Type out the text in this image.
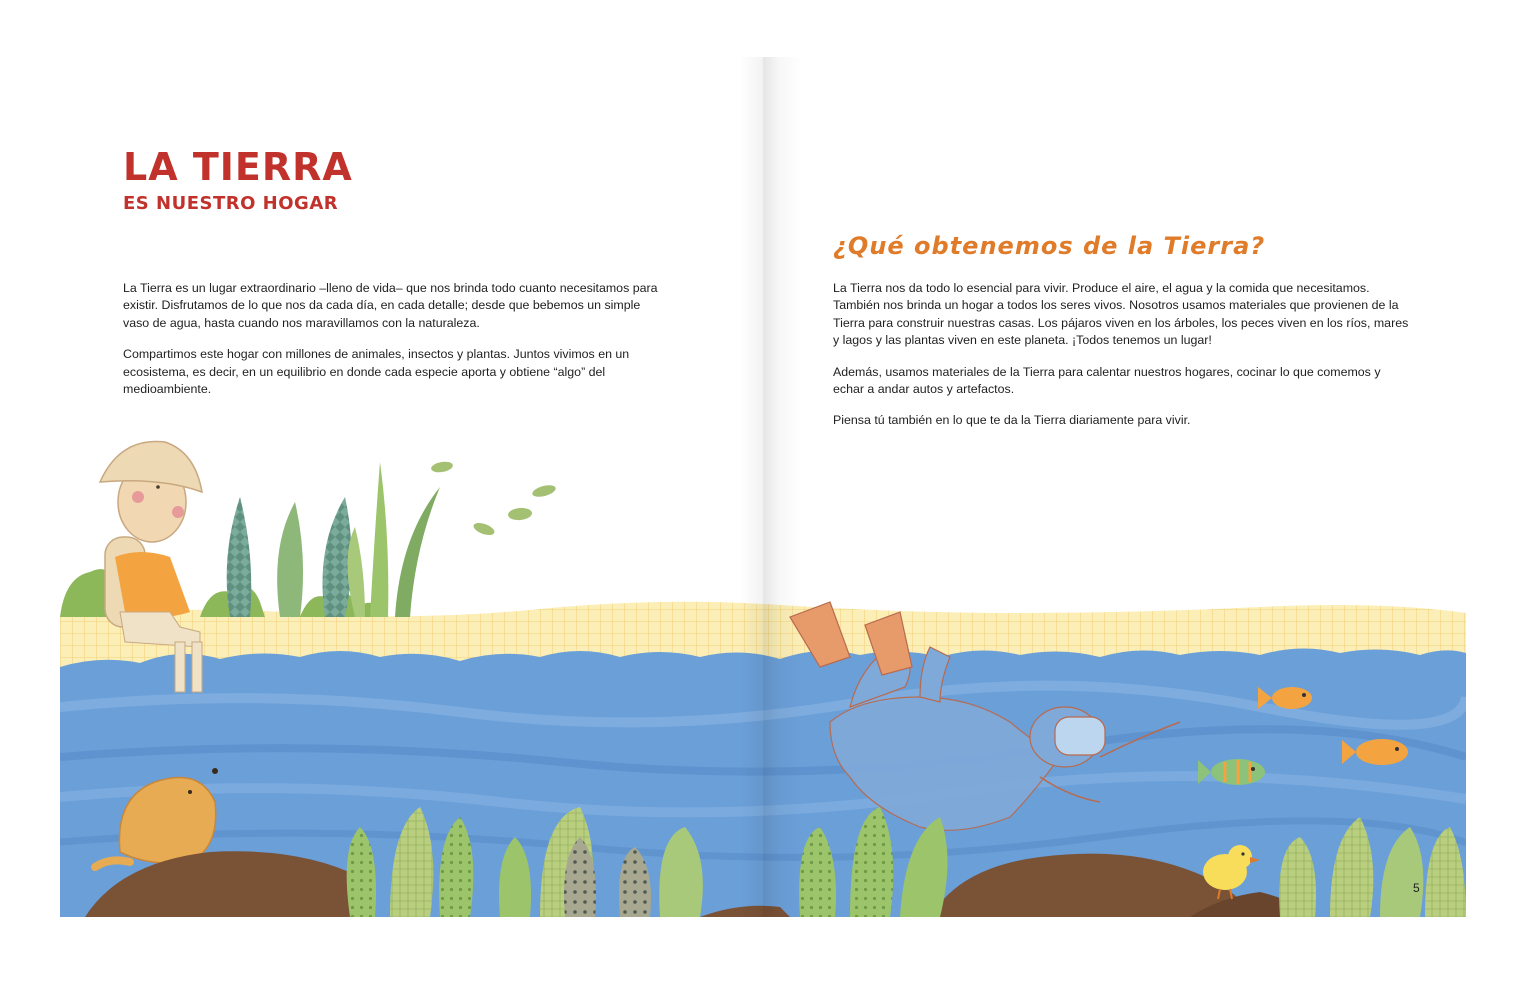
LA TIERRA
ES NUESTRO HOGAR

La Tierra es un lugar extraordinario –lleno de vida– que nos brinda todo cuanto necesitamos para existir. Disfrutamos de lo que nos da cada día, en cada detalle; desde que bebemos un simple vaso de agua, hasta cuando nos maravillamos con la naturaleza.

Compartimos este hogar con millones de animales, insectos y plantas. Juntos vivimos en un ecosistema, es decir, en un equilibrio en donde cada especie aporta y obtiene “algo” del medioambiente.

¿Qué obtenemos de la Tierra?

La Tierra nos da todo lo esencial para vivir. Produce el aire, el agua y la comida que necesitamos. También nos brinda un hogar a todos los seres vivos. Nosotros usamos materiales que provienen de la Tierra para construir nuestras casas. Los pájaros viven en los árboles, los peces viven en los ríos, mares y lagos y las plantas viven en este planeta. ¡Todos tenemos un lugar!

Además, usamos materiales de la Tierra para calentar nuestros hogares, cocinar lo que comemos y echar a andar autos y artefactos.

Piensa tú también en lo que te da la Tierra diariamente para vivir.

5
